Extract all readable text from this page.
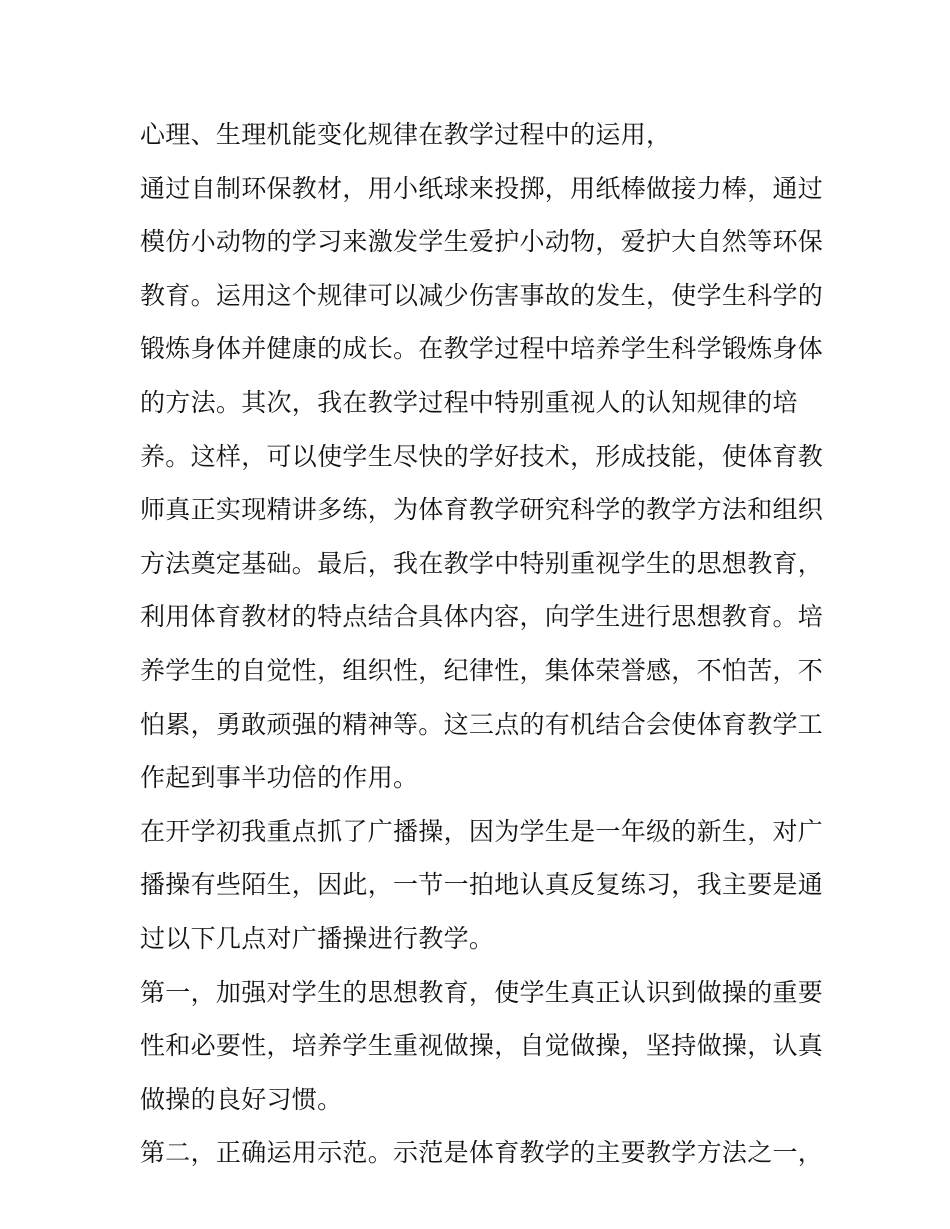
心理、生理机能变化规律在教学过程中的运用，
通过自制环保教材，用小纸球来投掷，用纸棒做接力棒，通过
模仿小动物的学习来激发学生爱护小动物，爱护大自然等环保
教育。运用这个规律可以减少伤害事故的发生，使学生科学的
锻炼身体并健康的成长。在教学过程中培养学生科学锻炼身体
的方法。其次，我在教学过程中特别重视人的认知规律的培
养。这样，可以使学生尽快的学好技术，形成技能，使体育教
师真正实现精讲多练，为体育教学研究科学的教学方法和组织
方法奠定基础。最后，我在教学中特别重视学生的思想教育，
利用体育教材的特点结合具体内容，向学生进行思想教育。培
养学生的自觉性，组织性，纪律性，集体荣誉感，不怕苦，不
怕累，勇敢顽强的精神等。这三点的有机结合会使体育教学工
作起到事半功倍的作用。
在开学初我重点抓了广播操，因为学生是一年级的新生，对广
播操有些陌生，因此，一节一拍地认真反复练习，我主要是通
过以下几点对广播操进行教学。
第一，加强对学生的思想教育，使学生真正认识到做操的重要
性和必要性，培养学生重视做操，自觉做操，坚持做操，认真
做操的良好习惯。
第二，正确运用示范。示范是体育教学的主要教学方法之一，
